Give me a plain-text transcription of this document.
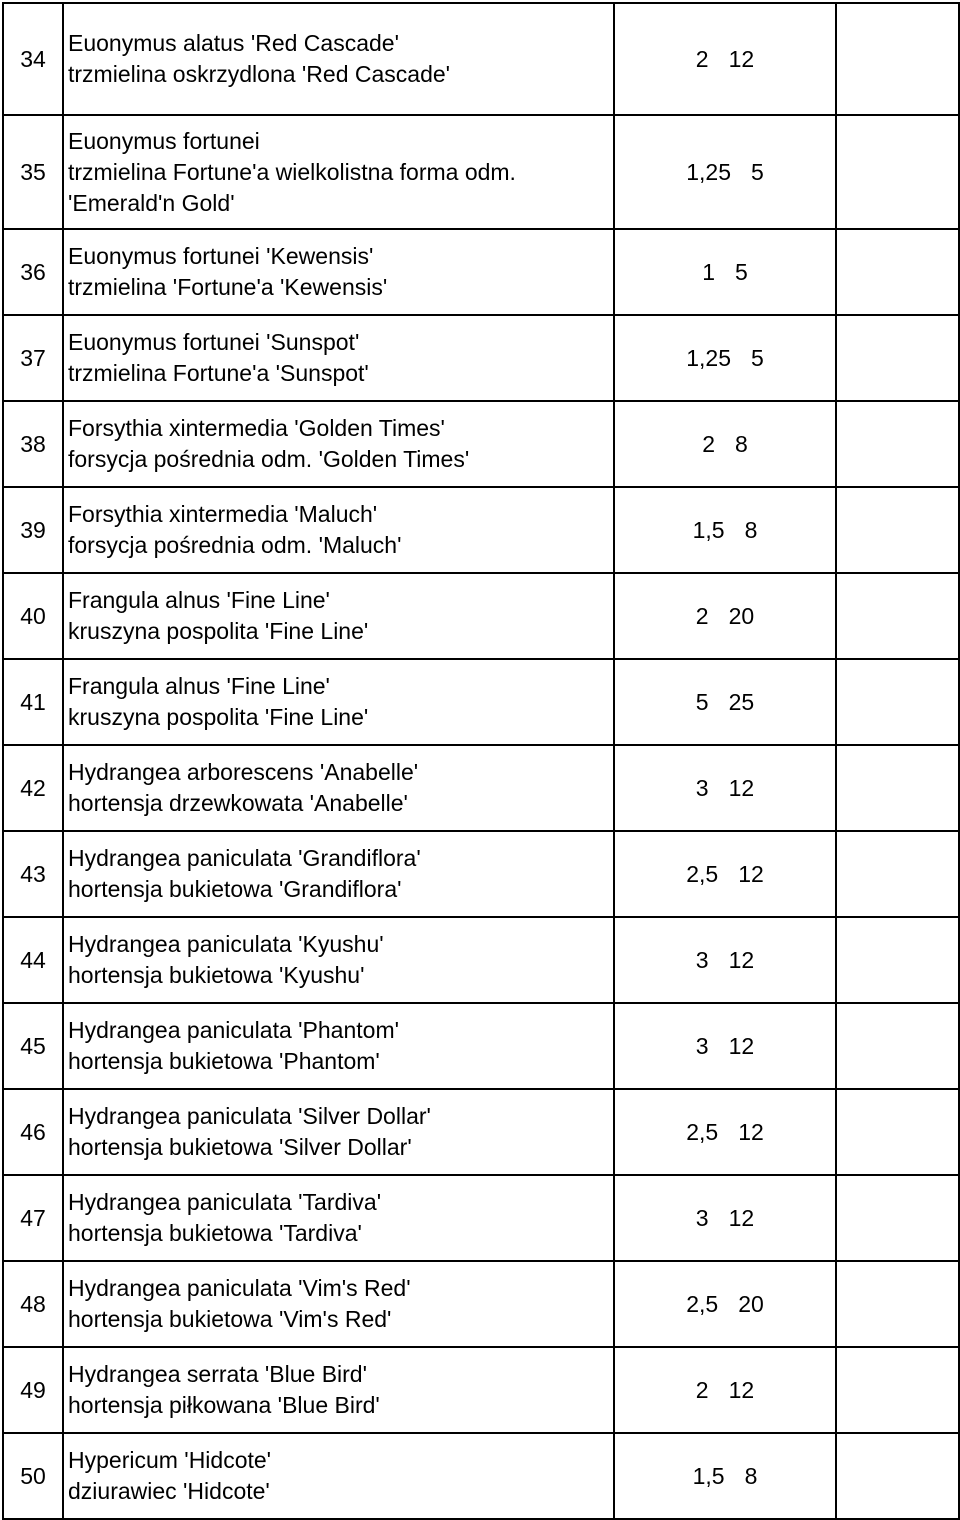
34	Euonymus alatus 'Red Cascade'
trzmielina oskrzydlona 'Red Cascade'	2 12	
35	Euonymus fortunei
trzmielina Fortune'a wielkolistna forma odm.
'Emerald'n Gold'	1,25 5	
36	Euonymus fortunei 'Kewensis'
trzmielina 'Fortune'a 'Kewensis'	1 5	
37	Euonymus fortunei 'Sunspot'
trzmielina Fortune'a 'Sunspot'	1,25 5	
38	Forsythia xintermedia 'Golden Times'
forsycja pośrednia odm. 'Golden Times'	2 8	
39	Forsythia xintermedia 'Maluch'
forsycja pośrednia odm. 'Maluch'	1,5 8	
40	Frangula alnus 'Fine Line'
kruszyna pospolita 'Fine Line'	2 20	
41	Frangula alnus 'Fine Line'
kruszyna pospolita 'Fine Line'	5 25	
42	Hydrangea arborescens 'Anabelle'
hortensja drzewkowata 'Anabelle'	3 12	
43	Hydrangea paniculata 'Grandiflora'
hortensja bukietowa 'Grandiflora'	2,5 12	
44	Hydrangea paniculata 'Kyushu'
hortensja bukietowa 'Kyushu'	3 12	
45	Hydrangea paniculata 'Phantom'
hortensja bukietowa 'Phantom'	3 12	
46	Hydrangea paniculata 'Silver Dollar'
hortensja bukietowa 'Silver Dollar'	2,5 12	
47	Hydrangea paniculata 'Tardiva'
hortensja bukietowa 'Tardiva'	3 12	
48	Hydrangea paniculata 'Vim's Red'
hortensja bukietowa 'Vim's Red'	2,5 20	
49	Hydrangea serrata 'Blue Bird'
hortensja piłkowana 'Blue Bird'	2 12	
50	Hypericum 'Hidcote'
dziurawiec 'Hidcote'	1,5 8	
